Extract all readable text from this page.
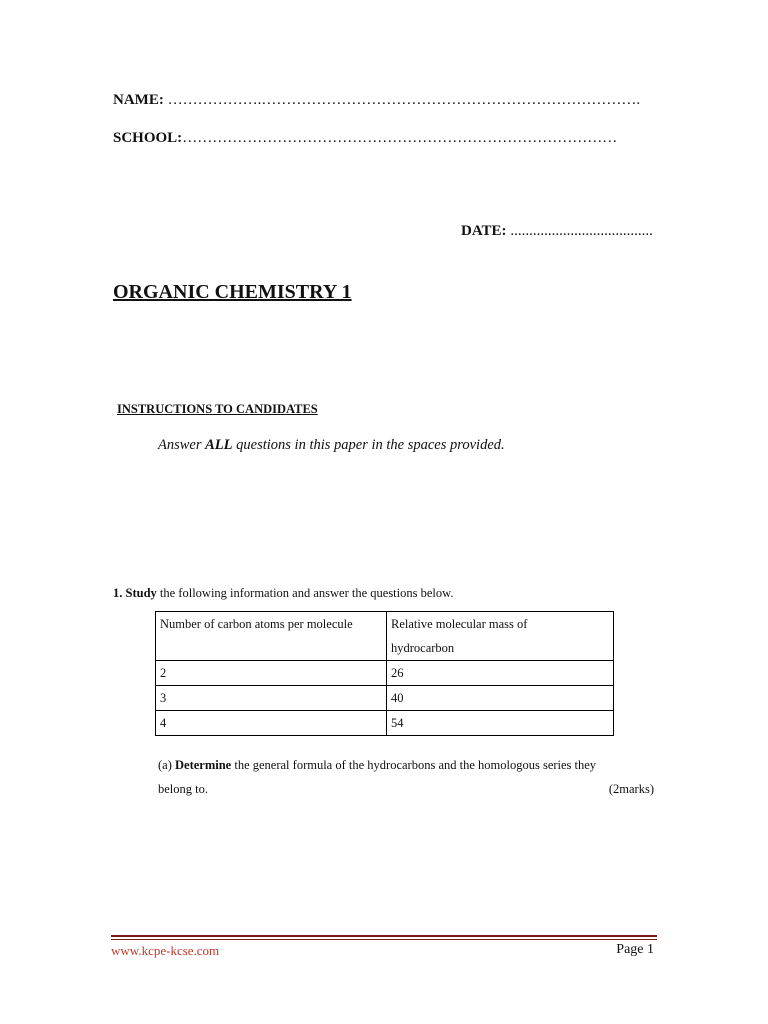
NAME: ……………….………………………………………………………………….
SCHOOL:……………………………………………………………………………
DATE: ......................................
ORGANIC CHEMISTRY 1
INSTRUCTIONS TO CANDIDATES
Answer ALL questions in this paper in the spaces provided.
1. Study the following information and answer the questions below.
Number of carbon atoms per molecule	Relative molecular mass of
hydrocarbon

2	26
3	40
4	54
(a) Determine the general formula of the hydrocarbons and the homologous series they
belong to.	(2marks)
www.kcpe-kcse.com	Page 1
